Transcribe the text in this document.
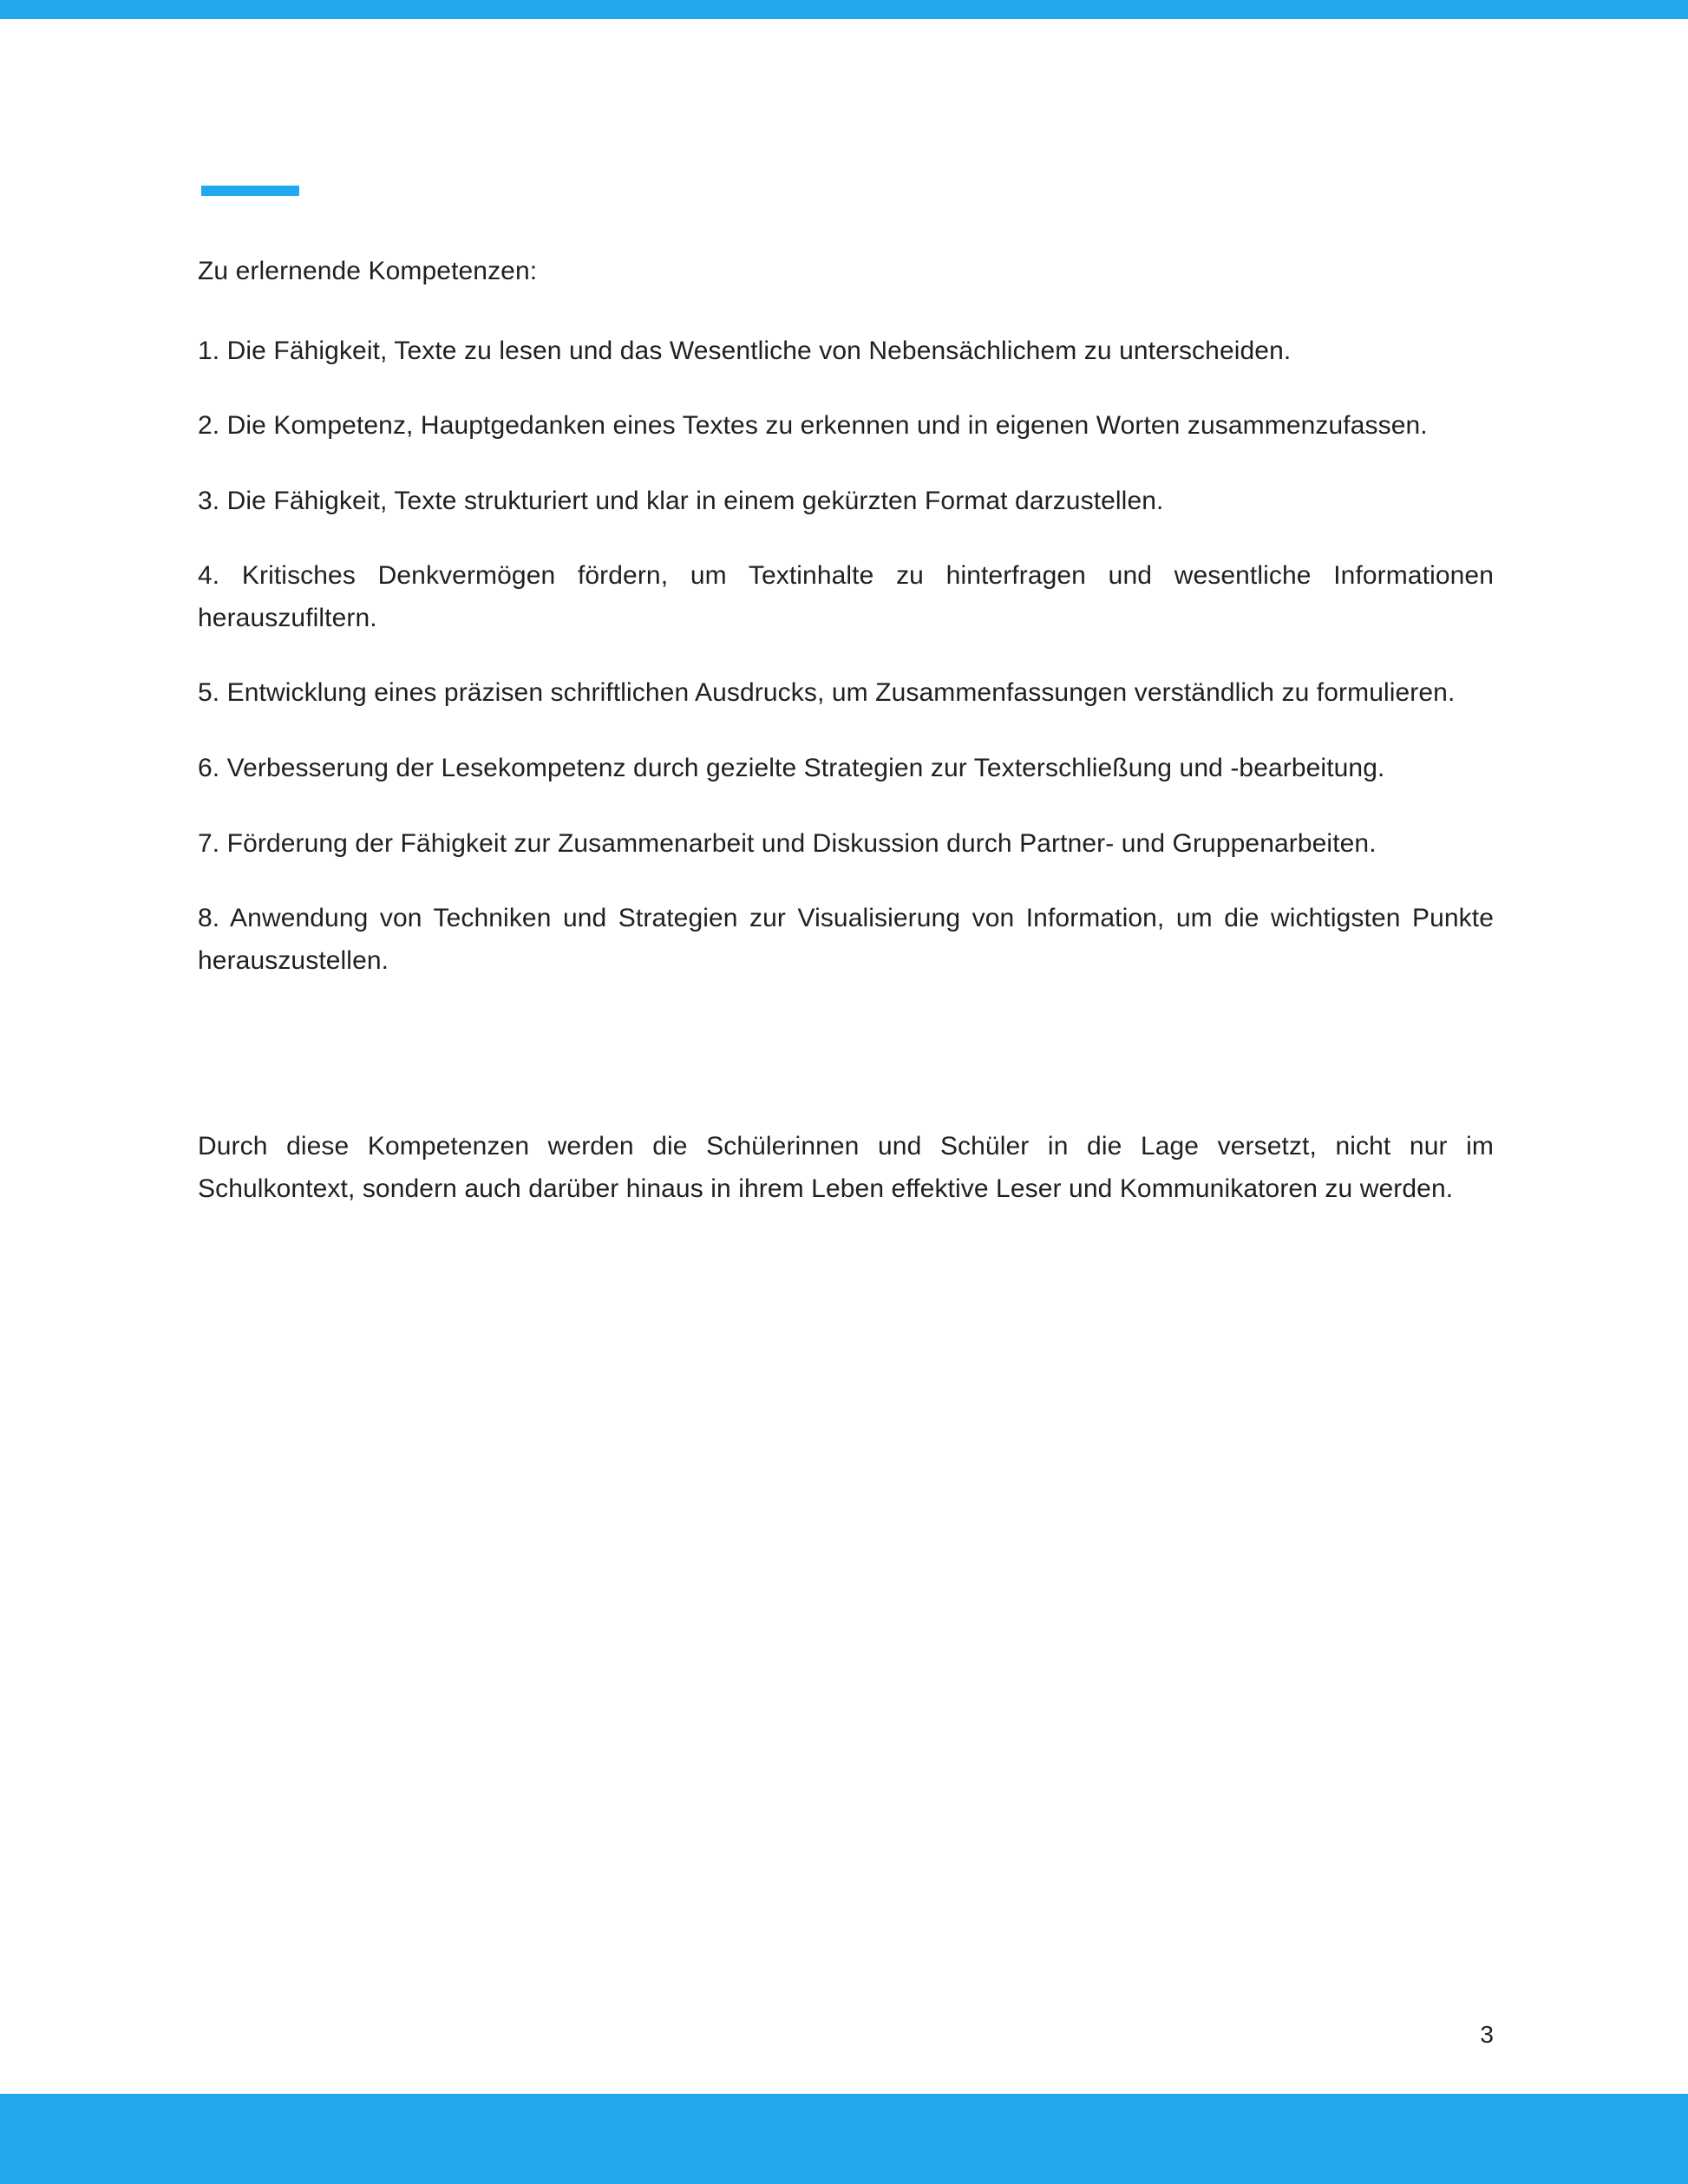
Zu erlernende Kompetenzen:

1. Die Fähigkeit, Texte zu lesen und das Wesentliche von Nebensächlichem zu unterscheiden.

2. Die Kompetenz, Hauptgedanken eines Textes zu erkennen und in eigenen Worten zusammenzufassen.

3. Die Fähigkeit, Texte strukturiert und klar in einem gekürzten Format darzustellen.

4. Kritisches Denkvermögen fördern, um Textinhalte zu hinterfragen und wesentliche Informationen herauszufiltern.

5. Entwicklung eines präzisen schriftlichen Ausdrucks, um Zusammenfassungen verständlich zu formulieren.

6. Verbesserung der Lesekompetenz durch gezielte Strategien zur Texterschließung und -bearbeitung.

7. Förderung der Fähigkeit zur Zusammenarbeit und Diskussion durch Partner- und Gruppenarbeiten.

8. Anwendung von Techniken und Strategien zur Visualisierung von Information, um die wichtigsten Punkte herauszustellen.

Durch diese Kompetenzen werden die Schülerinnen und Schüler in die Lage versetzt, nicht nur im Schulkontext, sondern auch darüber hinaus in ihrem Leben effektive Leser und Kommunikatoren zu werden.

3
